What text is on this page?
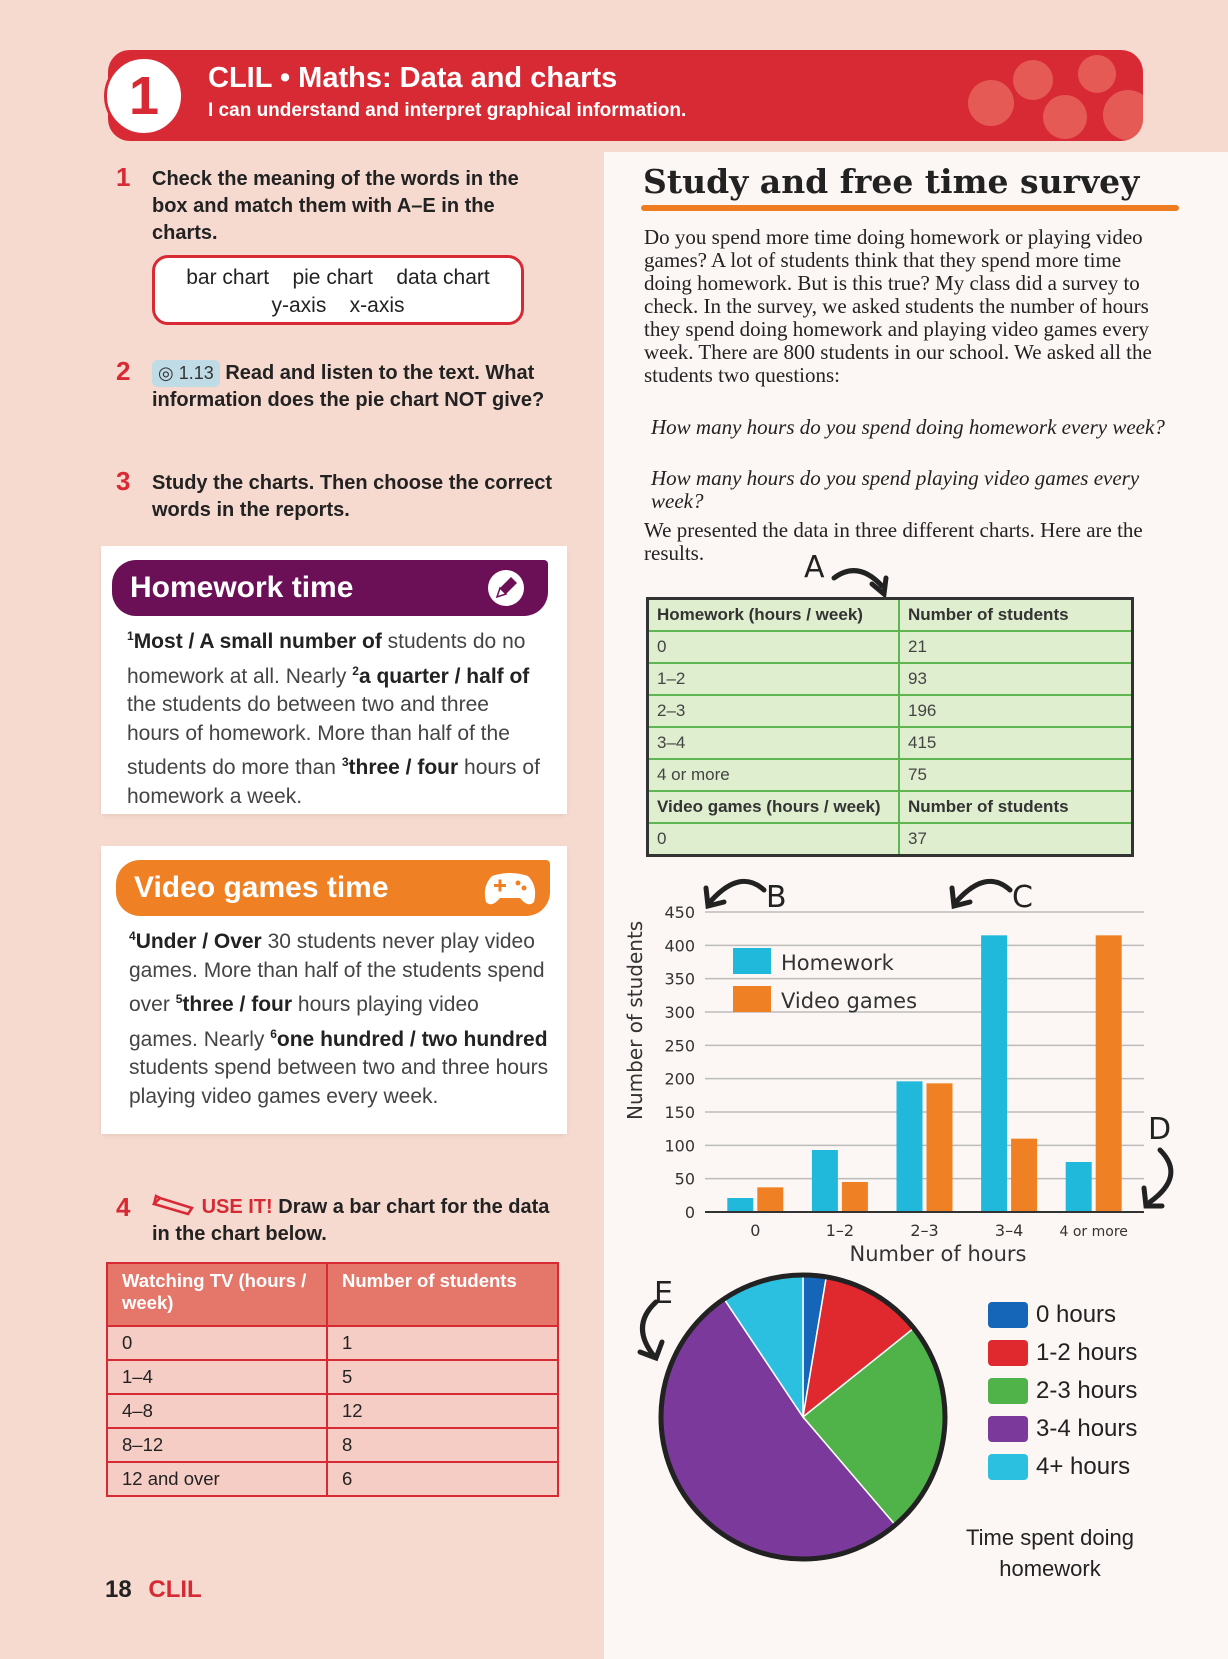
1	CLIL • Maths: Data and charts
I can understand and interpret graphical information.
1 Check the meaning of the words in the box and match them with A–E in the charts.
bar chart    pie chart    data chart
y-axis    x-axis
2	◎ 1.13 Read and listen to the text. What information does the pie chart NOT give?
3 Study the charts. Then choose the correct words in the reports.
Homework time
$^1$Most / A small number of students do no homework at all. Nearly $^2$a quarter / half of the students do between two and three hours of homework. More than half of the students do more than $^3$three / four hours of homework a week.
Video games time
$^4$Under / Over 30 students never play video games. More than half of the students spend over $^5$three / four hours playing video games. Nearly $^6$one hundred / two hundred students spend between two and three hours playing video games every week.
4	USE IT! Draw a bar chart for the data in the chart below.
Watching TV (hours / week)	Number of students
0	1
1–4	5
4–8	12
8–12	8
12 and over	6
18 CLIL
Study and free time survey
Do you spend more time doing homework or playing video games? A lot of students think that they spend more time doing homework. But is this true? My class did a survey to check. In the survey, we asked students the number of hours they spend doing homework and playing video games every week. There are 800 students in our school. We asked all the students two questions:
How many hours do you spend doing homework every week?
How many hours do you spend playing video games every week?
We presented the data in three different charts. Here are the results.	A
Homework (hours / week)	Number of students
0	21
1–2	93
2–3	196
3–4	415
4 or more	75
Video games (hours / week)	Number of students
0	37
B	C
D
E
0
50
100
150
200
250
300
350
400
450
0	1–2	2–3	3–4	4 or more
Number of students
Number of hours
Homework
Video games
0 hours
1-2 hours
2-3 hours
3-4 hours
4+ hours
Time spent doing homework
